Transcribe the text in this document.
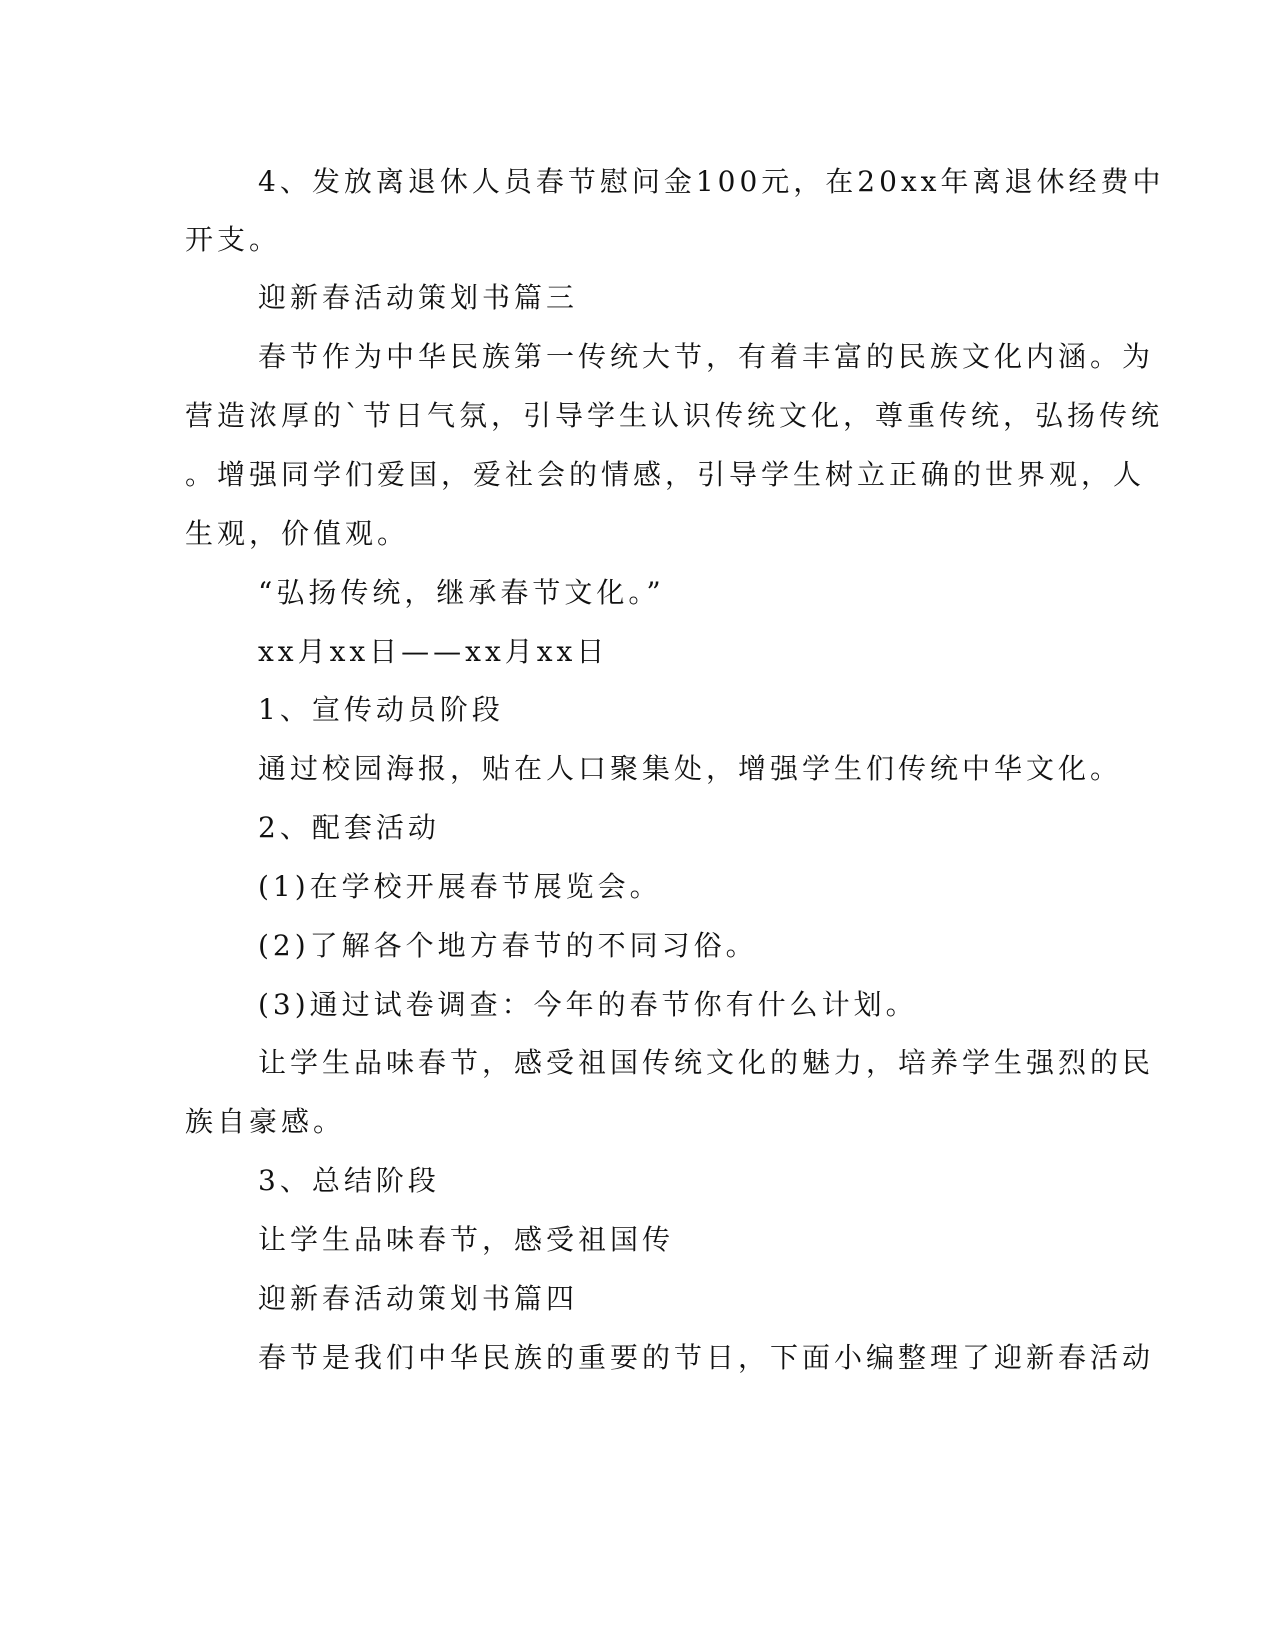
4、发放离退休人员春节慰问金100元，在20xx年离退休经费中

开支。

迎新春活动策划书篇三

春节作为中华民族第一传统大节，有着丰富的民族文化内涵。为

营造浓厚的`节日气氛，引导学生认识传统文化，尊重传统，弘扬传统

。增强同学们爱国，爱社会的情感，引导学生树立正确的世界观，人

生观，价值观。

“弘扬传统，继承春节文化。”

xx月xx日——xx月xx日

1、宣传动员阶段

通过校园海报，贴在人口聚集处，增强学生们传统中华文化。

2、配套活动

(1)在学校开展春节展览会。

(2)了解各个地方春节的不同习俗。

(3)通过试卷调查：今年的春节你有什么计划。

让学生品味春节，感受祖国传统文化的魅力，培养学生强烈的民

族自豪感。

3、总结阶段

让学生品味春节，感受祖国传

迎新春活动策划书篇四

春节是我们中华民族的重要的节日，下面小编整理了迎新春活动
